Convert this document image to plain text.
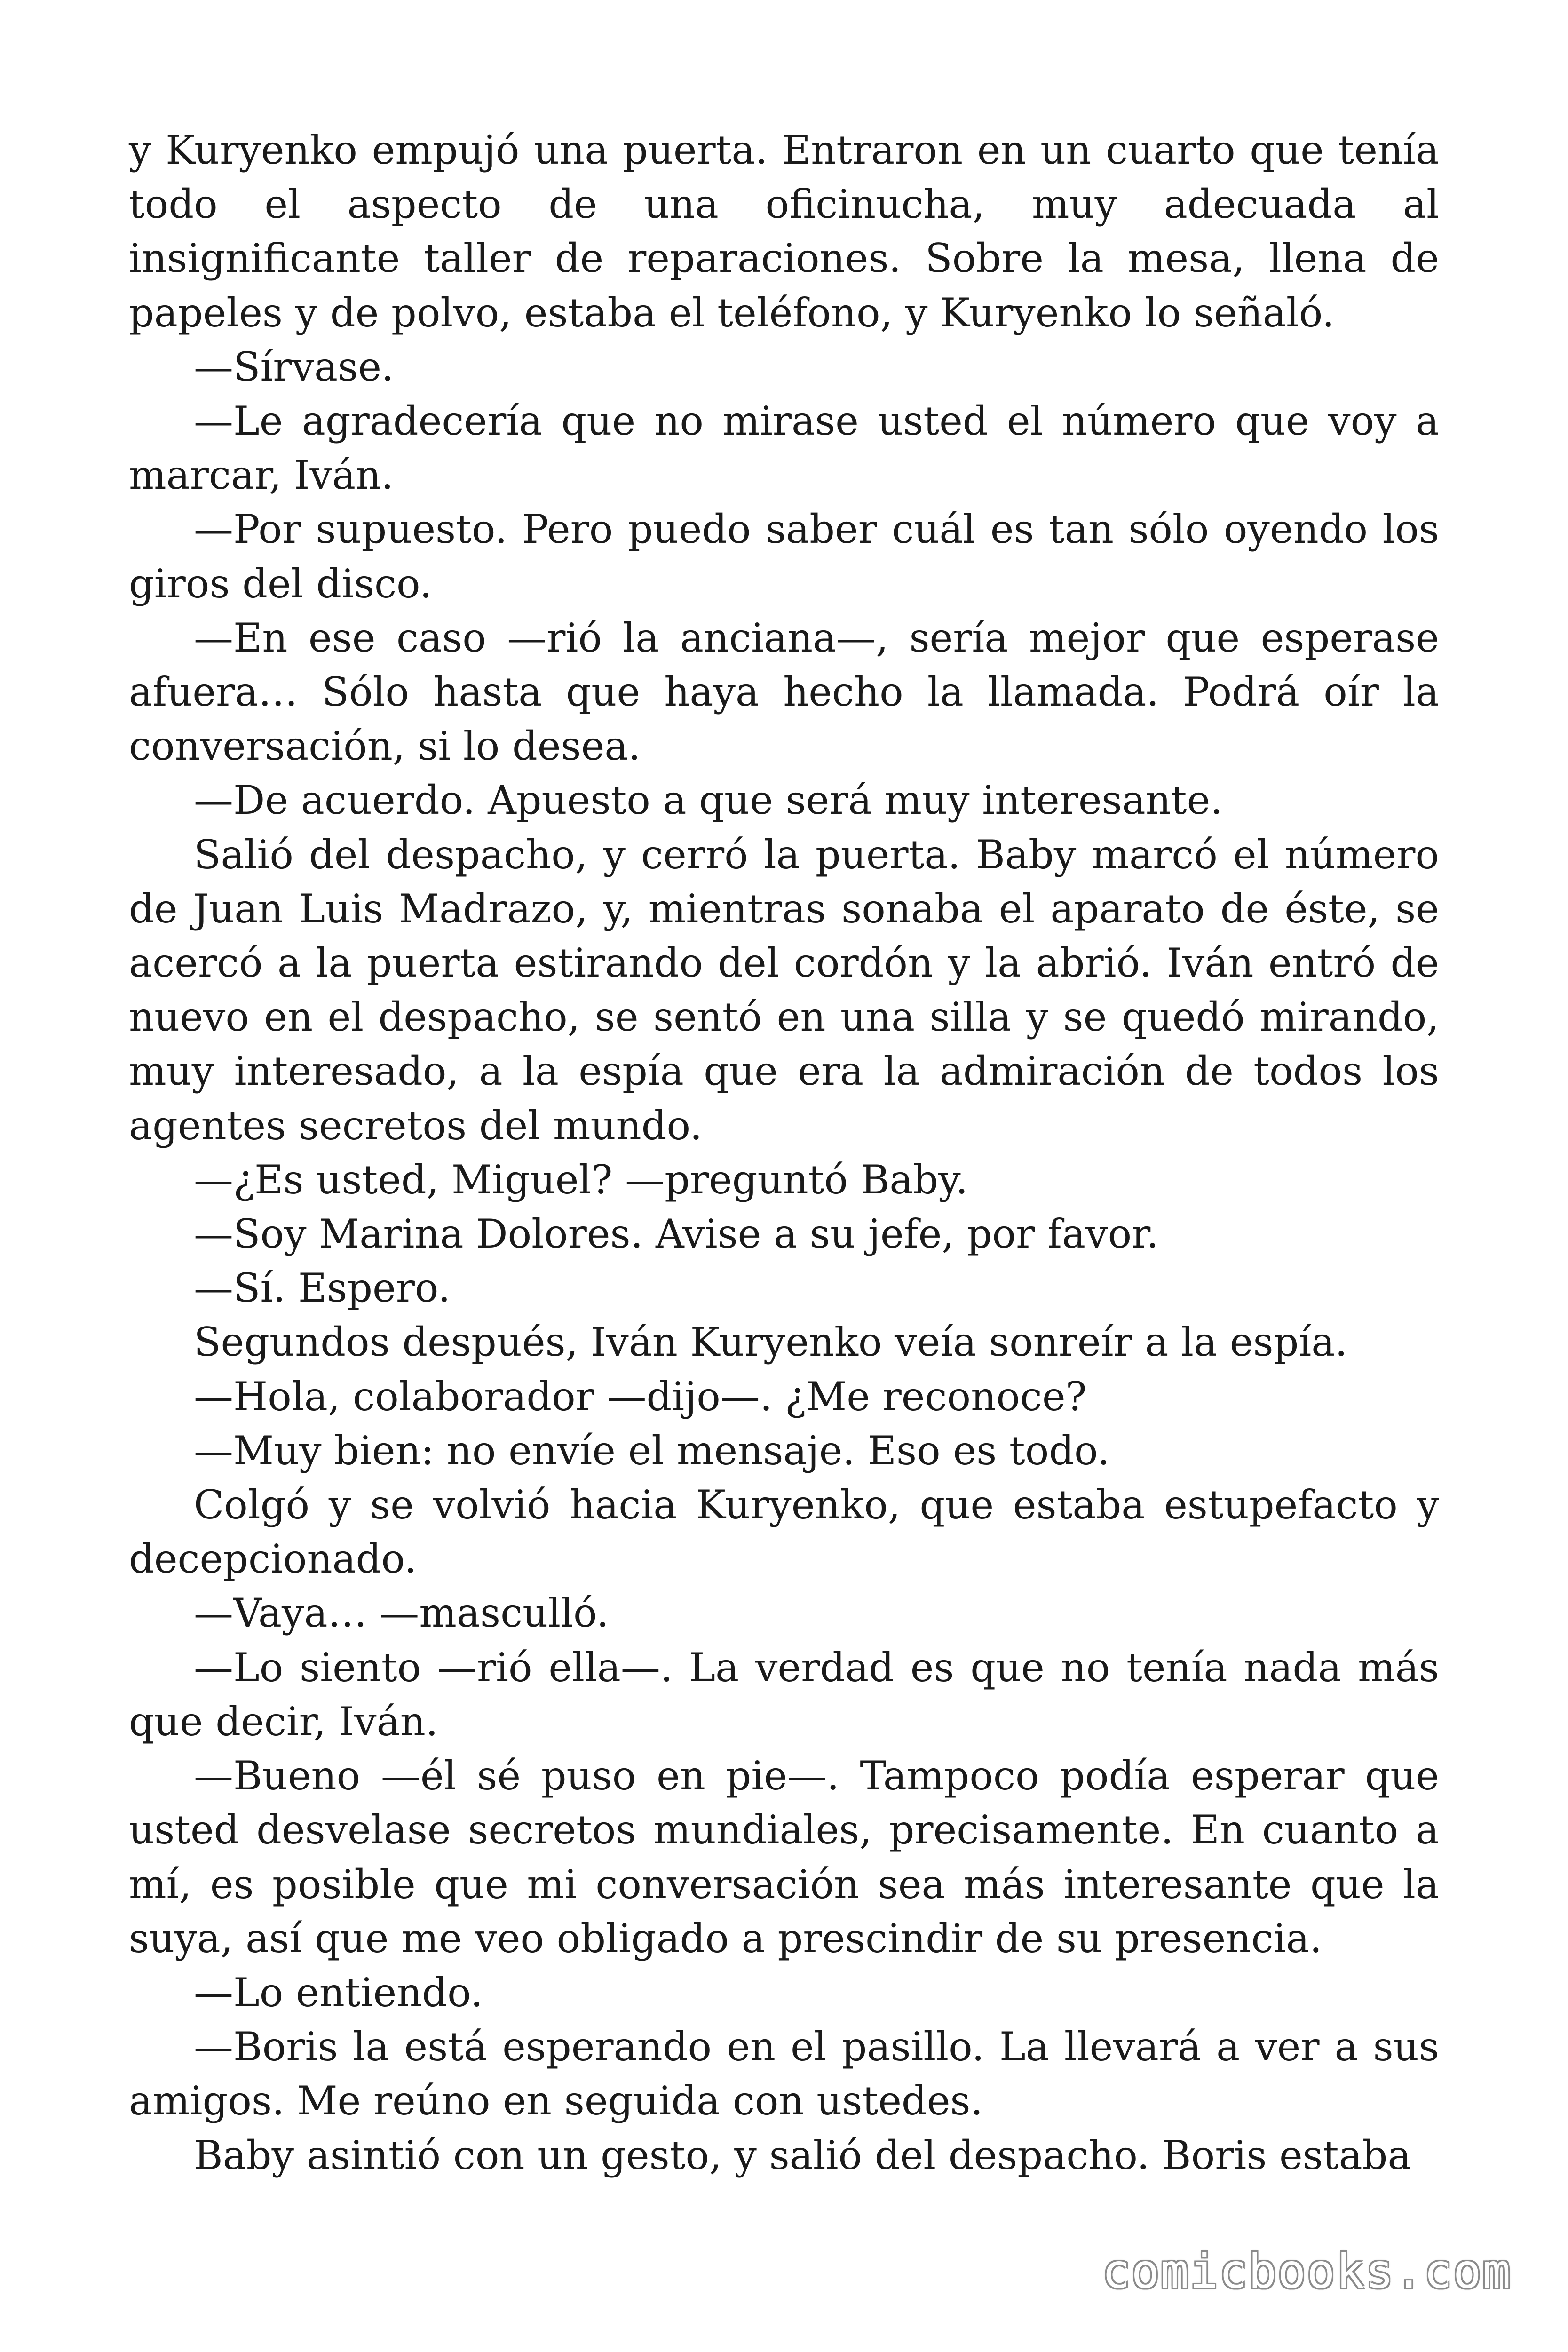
y Kuryenko empujó una puerta. Entraron en un cuarto que tenía todo el aspecto de una oficinucha, muy adecuada al insignificante taller de reparaciones. Sobre la mesa, llena de papeles y de polvo, estaba el teléfono, y Kuryenko lo señaló.

—Sírvase.

—Le agradecería que no mirase usted el número que voy a marcar, Iván.

—Por supuesto. Pero puedo saber cuál es tan sólo oyendo los giros del disco.

—En ese caso —rió la anciana—, sería mejor que esperase afuera… Sólo hasta que haya hecho la llamada. Podrá oír la conversación, si lo desea.

—De acuerdo. Apuesto a que será muy interesante.

Salió del despacho, y cerró la puerta. Baby marcó el número de Juan Luis Madrazo, y, mientras sonaba el aparato de éste, se acercó a la puerta estirando del cordón y la abrió. Iván entró de nuevo en el despacho, se sentó en una silla y se quedó mirando, muy interesado, a la espía que era la admiración de todos los agentes secretos del mundo.

—¿Es usted, Miguel? —preguntó Baby.

—Soy Marina Dolores. Avise a su jefe, por favor.

—Sí. Espero.

Segundos después, Iván Kuryenko veía sonreír a la espía.

—Hola, colaborador —dijo—. ¿Me reconoce?

—Muy bien: no envíe el mensaje. Eso es todo.

Colgó y se volvió hacia Kuryenko, que estaba estupefacto y decepcionado.

—Vaya… —masculló.

—Lo siento —rió ella—. La verdad es que no tenía nada más que decir, Iván.

—Bueno —él sé puso en pie—. Tampoco podía esperar que usted desvelase secretos mundiales, precisamente. En cuanto a mí, es posible que mi conversación sea más interesante que la suya, así que me veo obligado a prescindir de su presencia.

—Lo entiendo.

—Boris la está esperando en el pasillo. La llevará a ver a sus amigos. Me reúno en seguida con ustedes.

Baby asintió con un gesto, y salió del despacho. Boris estaba

comicbooks.com
